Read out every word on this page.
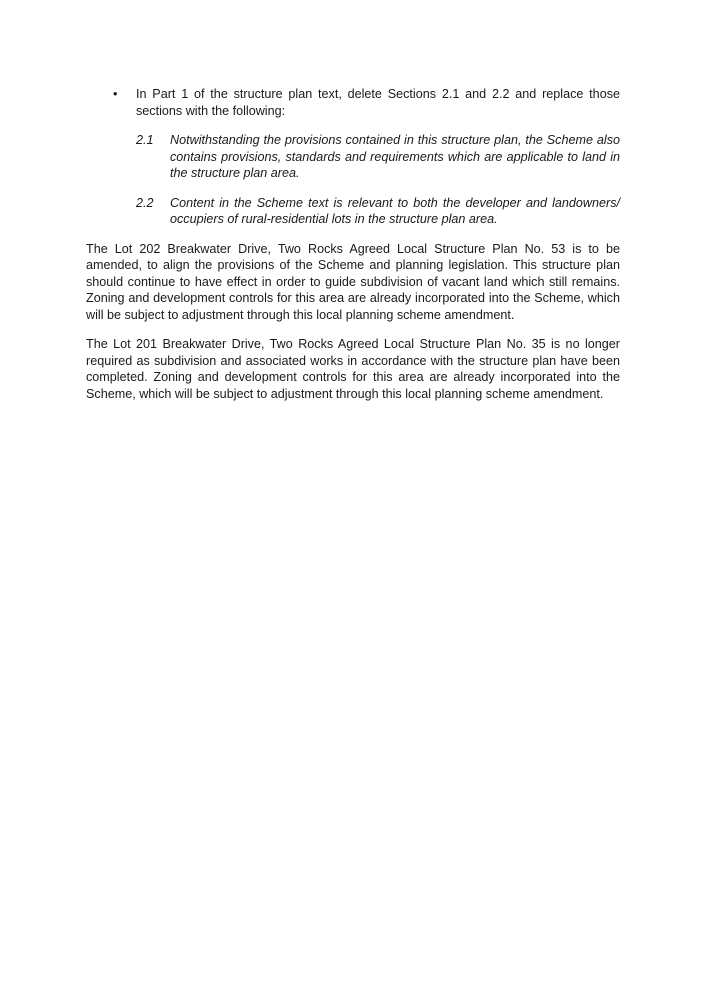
• In Part 1 of the structure plan text, delete Sections 2.1 and 2.2 and replace those sections with the following:
2.1 Notwithstanding the provisions contained in this structure plan, the Scheme also contains provisions, standards and requirements which are applicable to land in the structure plan area.
2.2 Content in the Scheme text is relevant to both the developer and landowners/ occupiers of rural-residential lots in the structure plan area.

The Lot 202 Breakwater Drive, Two Rocks Agreed Local Structure Plan No. 53 is to be amended, to align the provisions of the Scheme and planning legislation. This structure plan should continue to have effect in order to guide subdivision of vacant land which still remains. Zoning and development controls for this area are already incorporated into the Scheme, which will be subject to adjustment through this local planning scheme amendment.

The Lot 201 Breakwater Drive, Two Rocks Agreed Local Structure Plan No. 35 is no longer required as subdivision and associated works in accordance with the structure plan have been completed. Zoning and development controls for this area are already incorporated into the Scheme, which will be subject to adjustment through this local planning scheme amendment.
